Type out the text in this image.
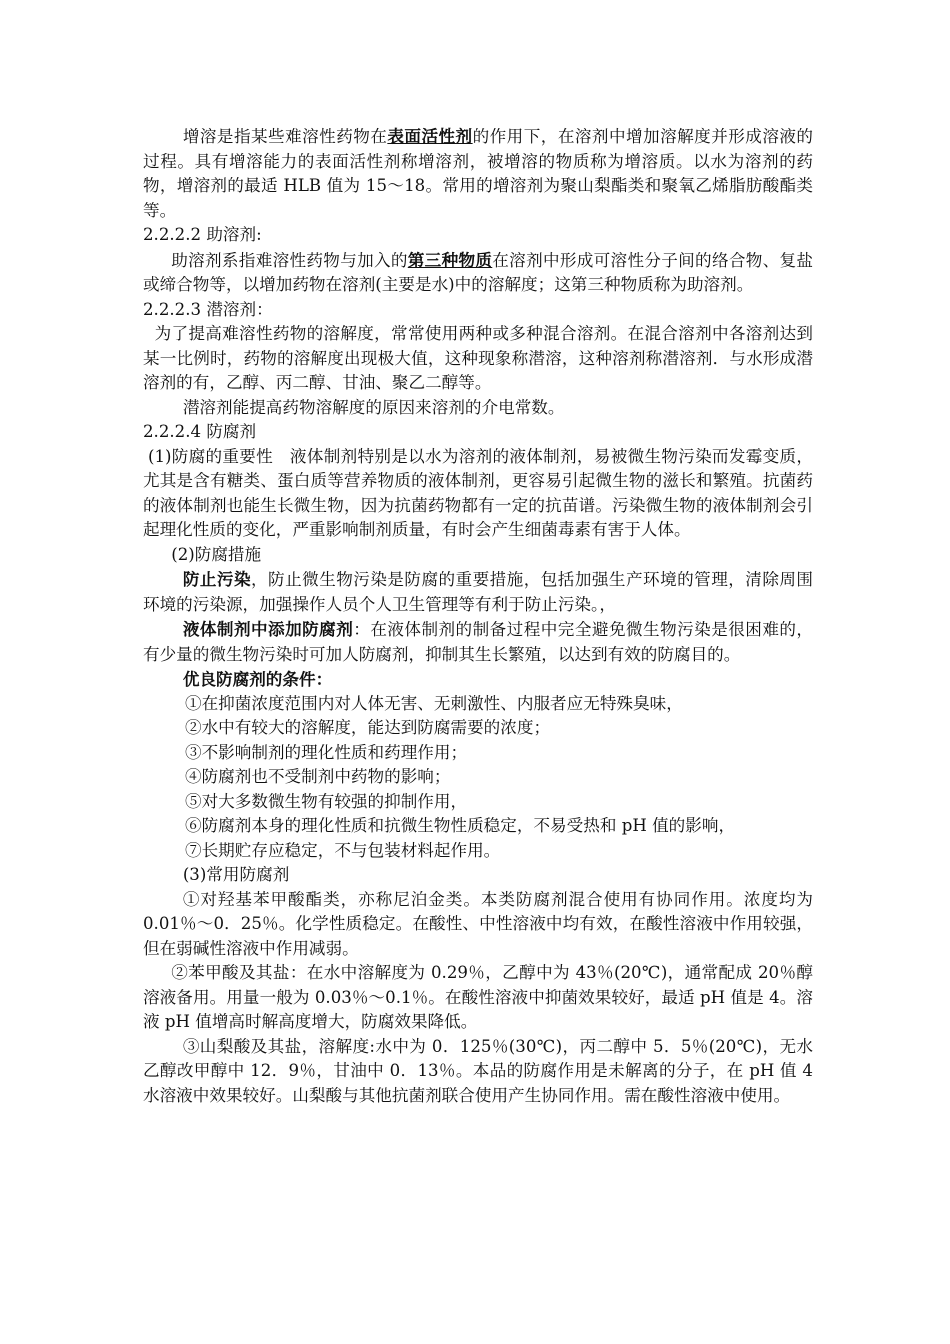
增溶是指某些难溶性药物在表面活性剂的作用下，在溶剂中增加溶解度并形成溶液的过程。具有增溶能力的表面活性剂称增溶剂，被增溶的物质称为增溶质。以水为溶剂的药物，增溶剂的最适 HLB 值为 15～18。常用的增溶剂为聚山梨酯类和聚氧乙烯脂肪酸酯类等。

2.2.2.2 助溶剂:

助溶剂系指难溶性药物与加入的第三种物质在溶剂中形成可溶性分子间的络合物、复盐或缔合物等，以增加药物在溶剂(主要是水)中的溶解度；这第三种物质称为助溶剂。

2.2.2.3 潜溶剂：

为了提高难溶性药物的溶解度，常常使用两种或多种混合溶剂。在混合溶剂中各溶剂达到某一比例时，药物的溶解度出现极大值，这种现象称潜溶，这种溶剂称潜溶剂．与水形成潜溶剂的有，乙醇、丙二醇、甘油、聚乙二醇等。

潜溶剂能提高药物溶解度的原因来溶剂的介电常数。

2.2.2.4 防腐剂

(1)防腐的重要性　液体制剂特别是以水为溶剂的液体制剂，易被微生物污染而发霉变质，尤其是含有糖类、蛋白质等营养物质的液体制剂，更容易引起微生物的滋长和繁殖。抗菌药的液体制剂也能生长微生物，因为抗菌药物都有一定的抗苗谱。污染微生物的液体制剂会引起理化性质的变化，严重影响制剂质量，有时会产生细菌毒素有害于人体。

(2)防腐措施

防止污染，防止微生物污染是防腐的重要措施，包括加强生产环境的管理，清除周围环境的污染源，加强操作人员个人卫生管理等有利于防止污染。，

液体制剂中添加防腐剂：在液体制剂的制备过程中完全避免微生物污染是很困难的，有少量的微生物污染时可加人防腐剂，抑制其生长繁殖，以达到有效的防腐目的。

优良防腐剂的条件：

①在抑菌浓度范围内对人体无害、无刺激性、内服者应无特殊臭味，

②水中有较大的溶解度，能达到防腐需要的浓度；

③不影响制剂的理化性质和药理作用；

④防腐剂也不受制剂中药物的影响；

⑤对大多数微生物有较强的抑制作用，

⑥防腐剂本身的理化性质和抗微生物性质稳定，不易受热和 pH 值的影响，

⑦长期贮存应稳定，不与包装材料起作用。

(3)常用防腐剂

①对羟基苯甲酸酯类，亦称尼泊金类。本类防腐剂混合使用有协同作用。浓度均为 0.01％～0．25％。化学性质稳定。在酸性、中性溶液中均有效，在酸性溶液中作用较强，但在弱碱性溶液中作用减弱。

②苯甲酸及其盐：在水中溶解度为 0.29％，乙醇中为 43％(20℃)，通常配成 20％醇溶液备用。用量一般为 0.03％～0.1％。在酸性溶液中抑菌效果较好，最适 pH 值是 4。溶液 pH 值增高时解高度增大，防腐效果降低。

③山梨酸及其盐，溶解度:水中为 0．125％(30℃)，丙二醇中 5．5％(20℃)，无水乙醇改甲醇中 12．9％，甘油中 0．13％。本品的防腐作用是未解离的分子，在 pH 值 4 水溶液中效果较好。山梨酸与其他抗菌剂联合使用产生协同作用。需在酸性溶液中使用。
